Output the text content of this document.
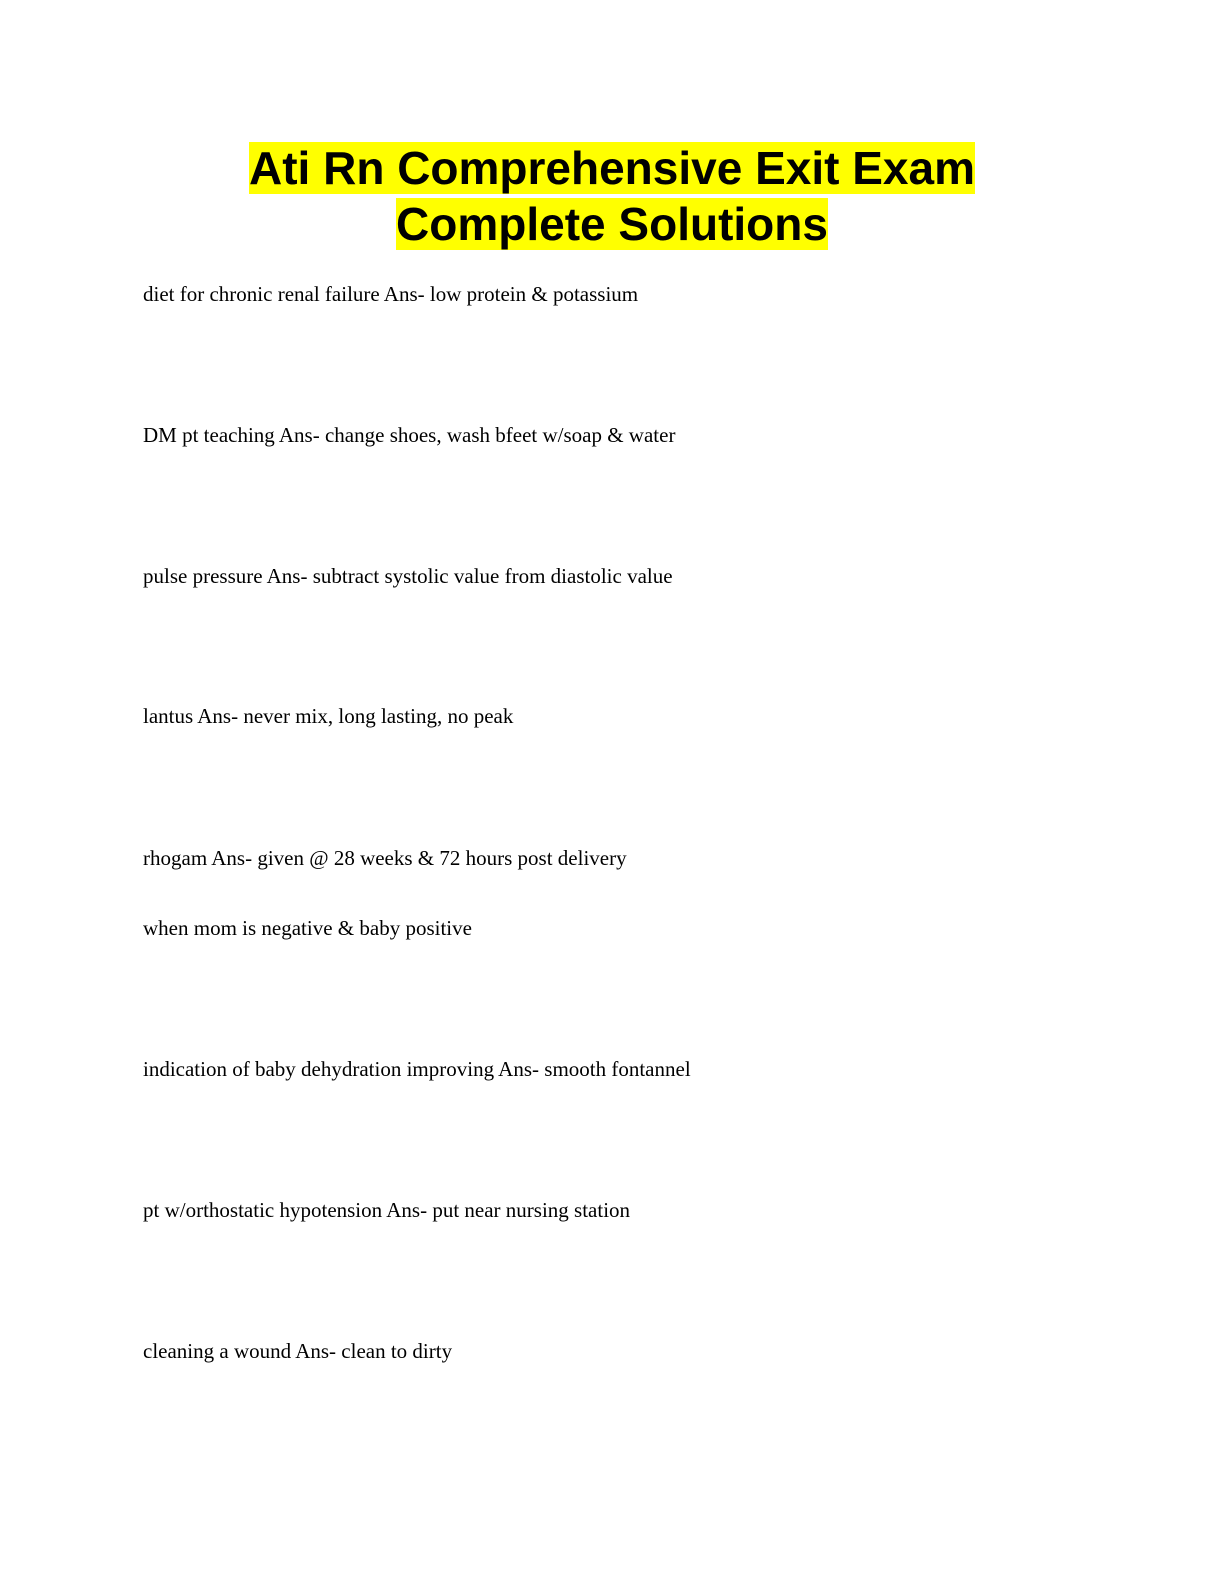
Ati Rn Comprehensive Exit Exam
Complete Solutions

diet for chronic renal failure Ans- low protein & potassium

DM pt teaching Ans- change shoes, wash bfeet w/soap & water

pulse pressure Ans- subtract systolic value from diastolic value

lantus Ans- never mix, long lasting, no peak

rhogam Ans- given @ 28 weeks & 72 hours post delivery

when mom is negative & baby positive

indication of baby dehydration improving Ans- smooth fontannel

pt w/orthostatic hypotension Ans- put near nursing station

cleaning a wound Ans- clean to dirty
